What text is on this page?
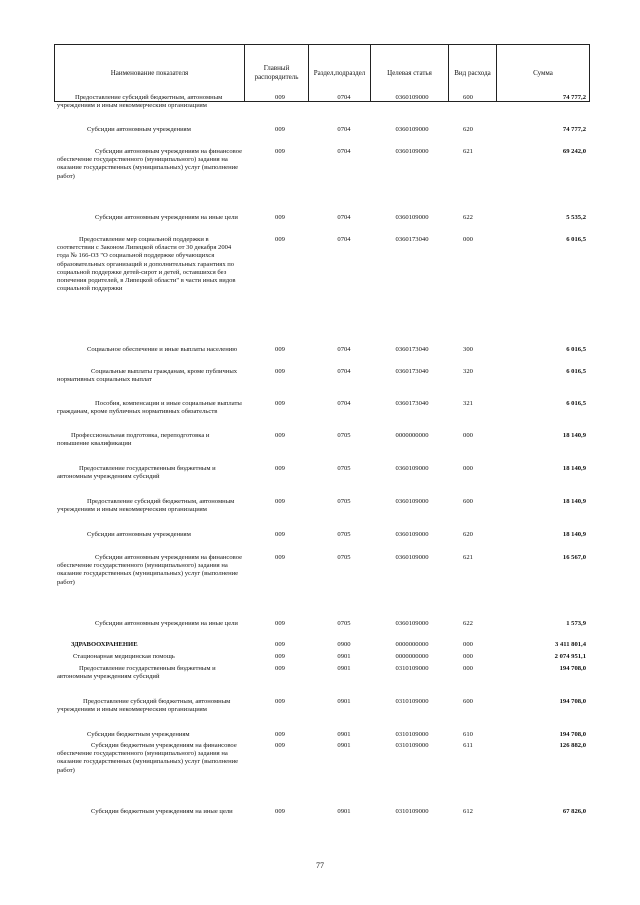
Наименование показателя
Главный распорядитель
Раздел,подраздел	Целевая статья	Вид расхода	Сумма
Предоставление субсидий бюджетным, автономным учреждениям и иным некоммерческим организациям
009	0704	0360109000	600	74 777,2
Субсидии автономным учреждениям	009	0704	0360109000	620	74 777,2
Субсидии автономным учреждениям на финансовое обеспечение государственного (муниципального) задания на оказание государственных (муниципальных) услуг (выполнение работ)
009	0704	0360109000	621	69 242,0
Субсидии автономным учреждениям на иные цели	009	0704	0360109000	622	5 535,2
Предоставление мер социальной поддержки в соответствии с Законом Липецкой области от 30 декабря 2004 года № 166-ОЗ "О социальной поддержке обучающихся образовательных организаций и дополнительных гарантиях по социальной поддержке детей-сирот и детей, оставшихся без попечения родителей, в Липецкой области" в части иных видов социальной поддержки
009	0704	0360173040	000	6 016,5
Социальное обеспечение и иные выплаты населению	009	0704	0360173040	300	6 016,5
Социальные выплаты гражданам, кроме публичных нормативных социальных выплат
009	0704	0360173040	320	6 016,5
Пособия, компенсации и иные социальные выплаты гражданам, кроме публичных нормативных обязательств
009	0704	0360173040	321	6 016,5
Профессиональная подготовка, переподготовка и повышение квалификации
009	0705	0000000000	000	18 140,9
Предоставление государственным бюджетным и автономным учреждениям субсидий
009	0705	0360109000	000	18 140,9
Предоставление субсидий бюджетным, автономным учреждениям и иным некоммерческим организациям
009	0705	0360109000	600	18 140,9
Субсидии автономным учреждениям	009	0705	0360109000	620	18 140,9
Субсидии автономным учреждениям на финансовое обеспечение государственного (муниципального) задания на оказание государственных (муниципальных) услуг (выполнение работ)
009	0705	0360109000	621	16 567,0
Субсидии автономным учреждениям на иные цели	009	0705	0360109000	622	1 573,9
ЗДРАВООХРАНЕНИЕ	009	0900	0000000000	000	3 411 801,4
Стационарная медицинская помощь	009	0901	0000000000	000	2 074 951,1
Предоставление государственным бюджетным и автономным учреждениям субсидий
009	0901	0310109000	000	194 708,0
Предоставление субсидий бюджетным, автономным учреждениям и иным некоммерческим организациям
009	0901	0310109000	600	194 708,0
Субсидии бюджетным учреждениям	009	0901	0310109000	610	194 708,0
Субсидии бюджетным учреждениям на финансовое обеспечение государственного (муниципального) задания на оказание государственных (муниципальных) услуг (выполнение работ)
009	0901	0310109000	611	126 882,0
Субсидии бюджетным учреждениям на иные цели	009	0901	0310109000	612	67 826,0
77
